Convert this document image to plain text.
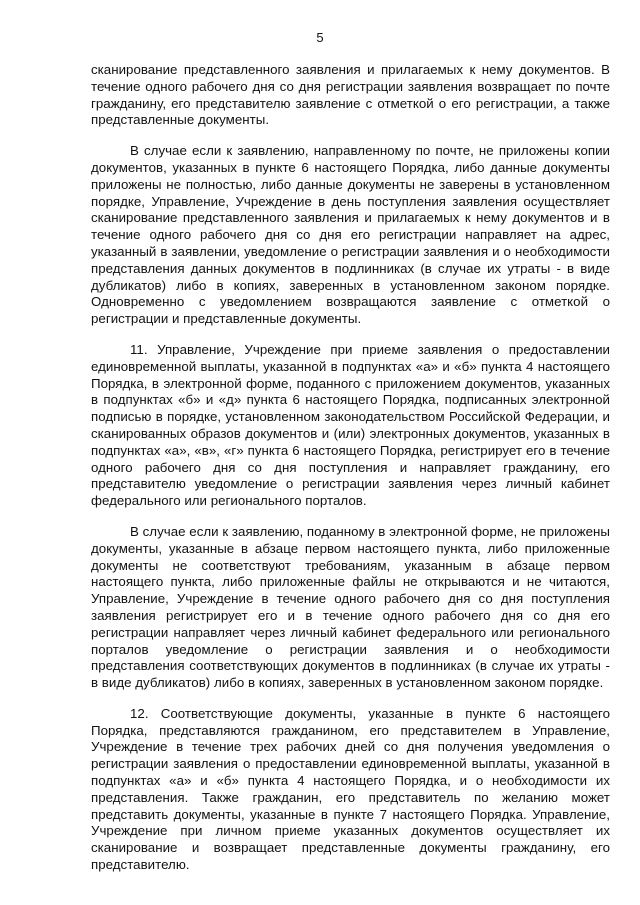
5

сканирование представленного заявления и прилагаемых к нему документов. В течение одного рабочего дня со дня регистрации заявления возвращает по почте гражданину, его представителю заявление с отметкой о его регистрации, а также представленные документы.

В случае если к заявлению, направленному по почте, не приложены копии документов, указанных в пункте 6 настоящего Порядка, либо данные документы приложены не полностью, либо данные документы не заверены в установленном порядке, Управление, Учреждение в день поступления заявления осуществляет сканирование представленного заявления и прилагаемых к нему документов и в течение одного рабочего дня со дня его регистрации направляет на адрес, указанный в заявлении, уведомление о регистрации заявления и о необходимости представления данных документов в подлинниках (в случае их утраты - в виде дубликатов) либо в копиях, заверенных в установленном законом порядке. Одновременно с уведомлением возвращаются заявление с отметкой о регистрации и представленные документы.

11. Управление, Учреждение при приеме заявления о предоставлении единовременной выплаты, указанной в подпунктах «а» и «б» пункта 4 настоящего Порядка, в электронной форме, поданного с приложением документов, указанных в подпунктах «б» и «д» пункта 6 настоящего Порядка, подписанных электронной подписью в порядке, установленном законодательством Российской Федерации, и сканированных образов документов и (или) электронных документов, указанных в подпунктах «а», «в», «г» пункта 6 настоящего Порядка, регистрирует его в течение одного рабочего дня со дня поступления и направляет гражданину, его представителю уведомление о регистрации заявления через личный кабинет федерального или регионального порталов.

В случае если к заявлению, поданному в электронной форме, не приложены документы, указанные в абзаце первом настоящего пункта, либо приложенные документы не соответствуют требованиям, указанным в абзаце первом настоящего пункта, либо приложенные файлы не открываются и не читаются, Управление, Учреждение в течение одного рабочего дня со дня поступления заявления регистрирует его и в течение одного рабочего дня со дня его регистрации направляет через личный кабинет федерального или регионального порталов уведомление о регистрации заявления и о необходимости представления соответствующих документов в подлинниках (в случае их утраты - в виде дубликатов) либо в копиях, заверенных в установленном законом порядке.

12. Соответствующие документы, указанные в пункте 6 настоящего Порядка, представляются гражданином, его представителем в Управление, Учреждение в течение трех рабочих дней со дня получения уведомления о регистрации заявления о предоставлении единовременной выплаты, указанной в подпунктах «а» и «б» пункта 4 настоящего Порядка, и о необходимости их представления. Также гражданин, его представитель по желанию может представить документы, указанные в пункте 7 настоящего Порядка. Управление, Учреждение при личном приеме указанных документов осуществляет их сканирование и возвращает представленные документы гражданину, его представителю.
